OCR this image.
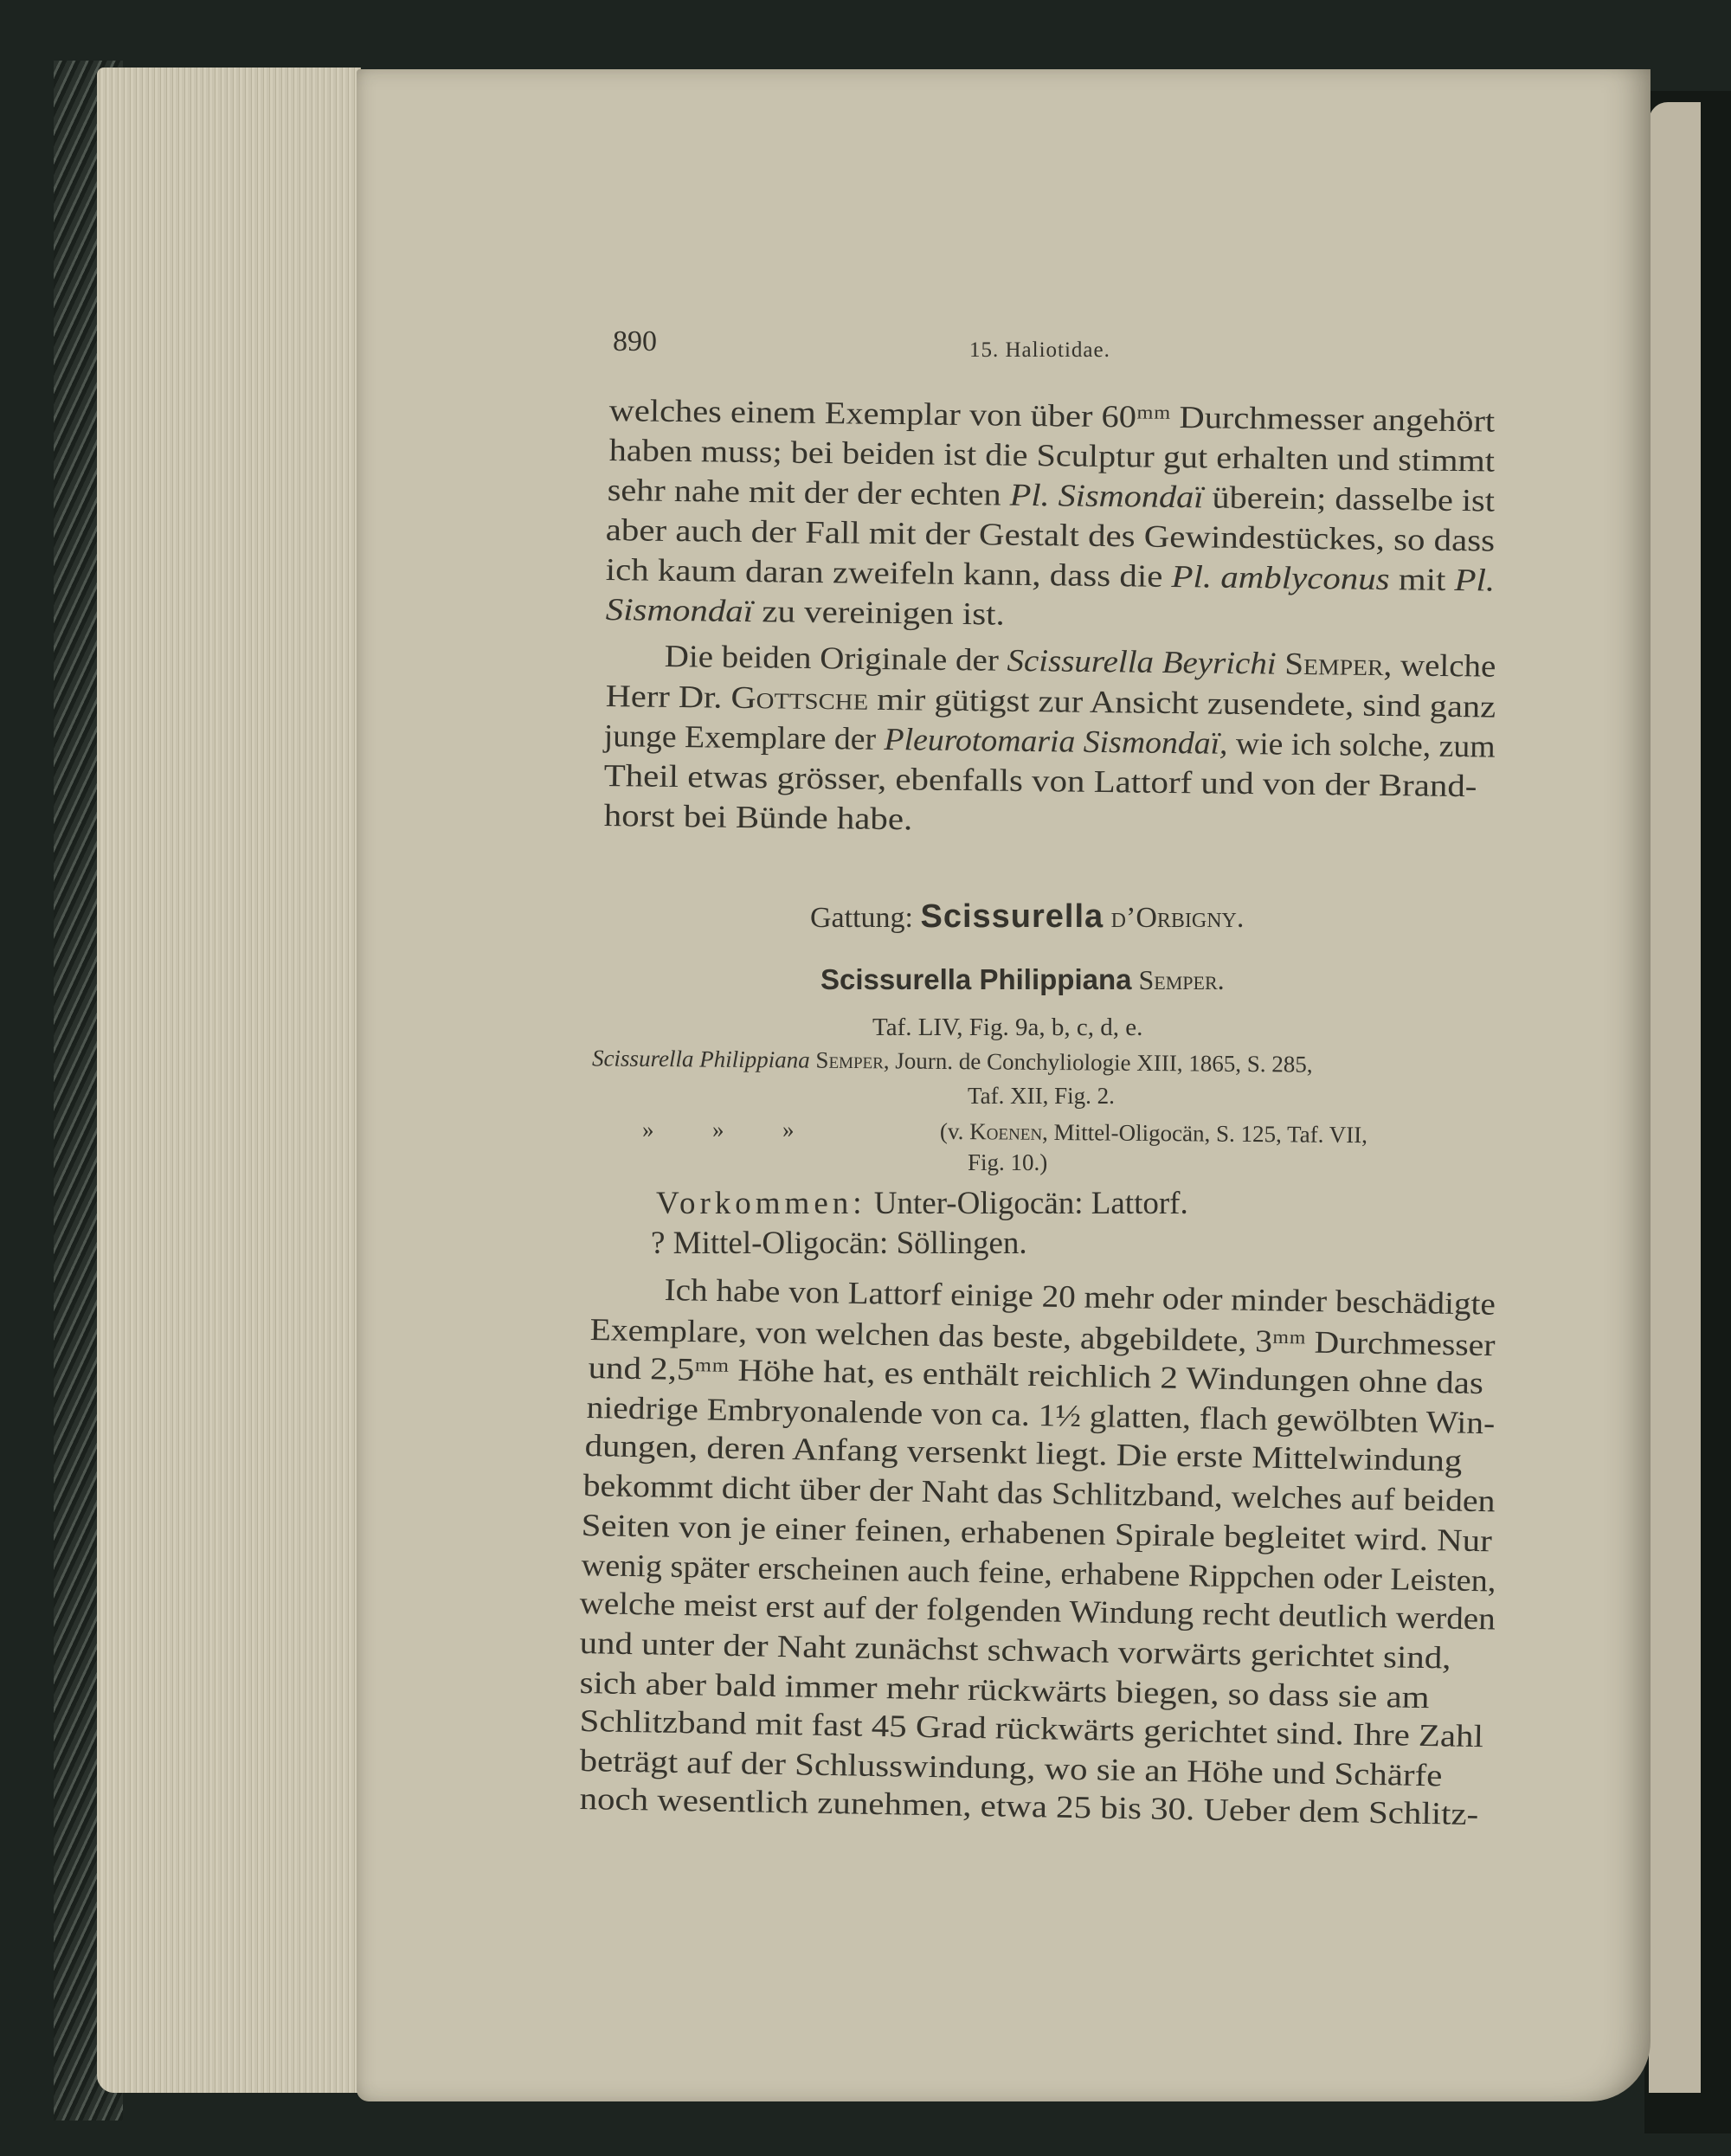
890	15. Haliotidae.
welches einem Exemplar von über 60ᵐᵐ Durchmesser angehört
haben muss; bei beiden ist die Sculptur gut erhalten und stimmt
sehr nahe mit der der echten Pl. Sismondaï überein; dasselbe ist
aber auch der Fall mit der Gestalt des Gewindestückes, so dass
ich kaum daran zweifeln kann, dass die Pl. amblyconus mit Pl.
Sismondaï zu vereinigen ist.
Die beiden Originale der Scissurella Beyrichi Semper, welche
Herr Dr. Gottsche mir gütigst zur Ansicht zusendete, sind ganz
junge Exemplare der Pleurotomaria Sismondaï, wie ich solche, zum
Theil etwas grösser, ebenfalls von Lattorf und von der Brand-
horst bei Bünde habe.
Gattung: Scissurella d’Orbigny.
Scissurella Philippiana Semper.
Taf. LIV, Fig. 9a, b, c, d, e.
Scissurella Philippiana Semper, Journ. de Conchyliologie XIII, 1865, S. 285,
Taf. XII, Fig. 2.
»          »          »	(v. Koenen, Mittel-Oligocän, S. 125, Taf. VII,
Fig. 10.)
Vorkommen: Unter-Oligocän: Lattorf.
? Mittel-Oligocän: Söllingen.
Ich habe von Lattorf einige 20 mehr oder minder beschädigte
Exemplare, von welchen das beste, abgebildete, 3ᵐᵐ Durchmesser
und 2,5ᵐᵐ Höhe hat, es enthält reichlich 2 Windungen ohne das
niedrige Embryonalende von ca. 1½ glatten, flach gewölbten Win-
dungen, deren Anfang versenkt liegt. Die erste Mittelwindung
bekommt dicht über der Naht das Schlitzband, welches auf beiden
Seiten von je einer feinen, erhabenen Spirale begleitet wird. Nur
wenig später erscheinen auch feine, erhabene Rippchen oder Leisten,
welche meist erst auf der folgenden Windung recht deutlich werden
und unter der Naht zunächst schwach vorwärts gerichtet sind,
sich aber bald immer mehr rückwärts biegen, so dass sie am
Schlitzband mit fast 45 Grad rückwärts gerichtet sind. Ihre Zahl
beträgt auf der Schlusswindung, wo sie an Höhe und Schärfe
noch wesentlich zunehmen, etwa 25 bis 30. Ueber dem Schlitz-
